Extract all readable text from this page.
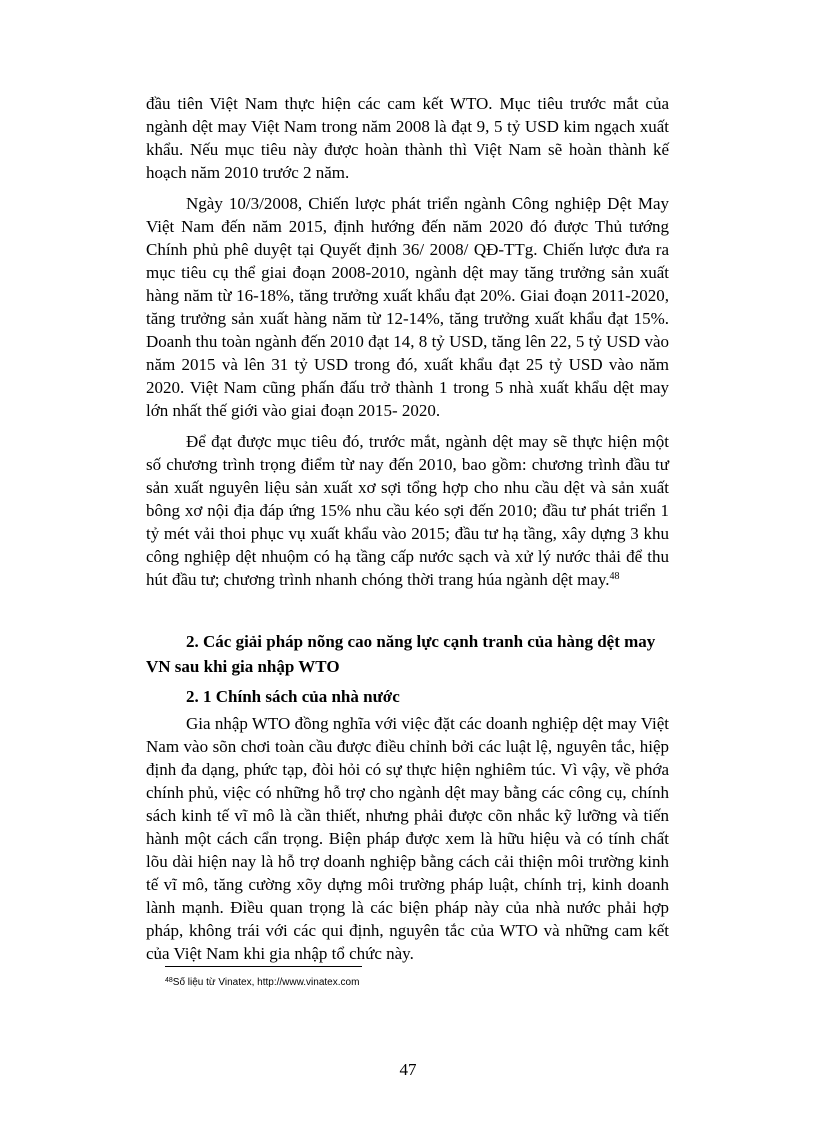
đầu tiên Việt Nam thực hiện các cam kết WTO. Mục tiêu trước mắt của ngành dệt may Việt Nam trong năm 2008 là đạt 9, 5 tỷ USD kim ngạch xuất khẩu. Nếu mục tiêu này được hoàn thành thì Việt Nam sẽ hoàn thành kế hoạch năm 2010 trước 2 năm.

Ngày 10/3/2008, Chiến lược phát triển ngành Công nghiệp Dệt May Việt Nam đến năm 2015, định hướng đến năm 2020 đó được Thủ tướng Chính phủ phê duyệt tại Quyết định 36/ 2008/ QĐ-TTg. Chiến lược đưa ra mục tiêu cụ thể giai đoạn 2008-2010, ngành dệt may tăng trưởng sản xuất hàng năm từ 16-18%, tăng trưởng xuất khẩu đạt 20%. Giai đoạn 2011-2020, tăng trưởng sản xuất hàng năm từ 12-14%, tăng trưởng xuất khẩu đạt 15%. Doanh thu toàn ngành đến 2010 đạt 14, 8 tỷ USD, tăng lên 22, 5 tỷ USD vào năm 2015 và lên 31 tỷ USD trong đó, xuất khẩu đạt 25 tỷ USD vào năm 2020. Việt Nam cũng phấn đấu trở thành 1 trong 5 nhà xuất khẩu dệt may lớn nhất thế giới vào giai đoạn 2015- 2020.

Để đạt được mục tiêu đó, trước mắt, ngành dệt may sẽ thực hiện một số chương trình trọng điểm từ nay đến 2010, bao gồm: chương trình đầu tư sản xuất nguyên liệu sản xuất xơ sợi tổng hợp cho nhu cầu dệt và sản xuất bông xơ nội địa đáp ứng 15% nhu cầu kéo sợi đến 2010; đầu tư phát triển 1 tỷ mét vải thoi phục vụ xuất khẩu vào 2015; đầu tư hạ tầng, xây dựng 3 khu công nghiệp dệt nhuộm có hạ tầng cấp nước sạch và xử lý nước thải để thu hút đầu tư; chương trình nhanh chóng thời trang húa ngành dệt may.$^{48}$

2. Các giải pháp nõng cao năng lực cạnh tranh của hàng dệt may VN sau khi gia nhập WTO
2. 1 Chính sách của nhà nước

Gia nhập WTO đồng nghĩa với việc đặt các doanh nghiệp dệt may Việt Nam vào sõn chơi toàn cầu được điều chỉnh bởi các luật lệ, nguyên tắc, hiệp định đa dạng, phức tạp, đòi hỏi có sự thực hiện nghiêm túc. Vì vậy, về phớa chính phủ, việc có những hỗ trợ cho ngành dệt may bằng các công cụ, chính sách kinh tế vĩ mô là cần thiết, nhưng phải được cõn nhắc kỹ lưỡng và tiến hành một cách cẩn trọng. Biện pháp được xem là hữu hiệu và có tính chất lõu dài hiện nay là hỗ trợ doanh nghiệp bằng cách cải thiện môi trường kinh tế vĩ mô, tăng cường xõy dựng môi trường pháp luật, chính trị, kinh doanh lành mạnh. Điều quan trọng là các biện pháp này của nhà nước phải hợp pháp, không trái với các qui định, nguyên tắc của WTO và những cam kết của Việt Nam khi gia nhập tổ chức này.

$^{48}$Số liệu từ Vinatex, http://www.vinatex.com
47
